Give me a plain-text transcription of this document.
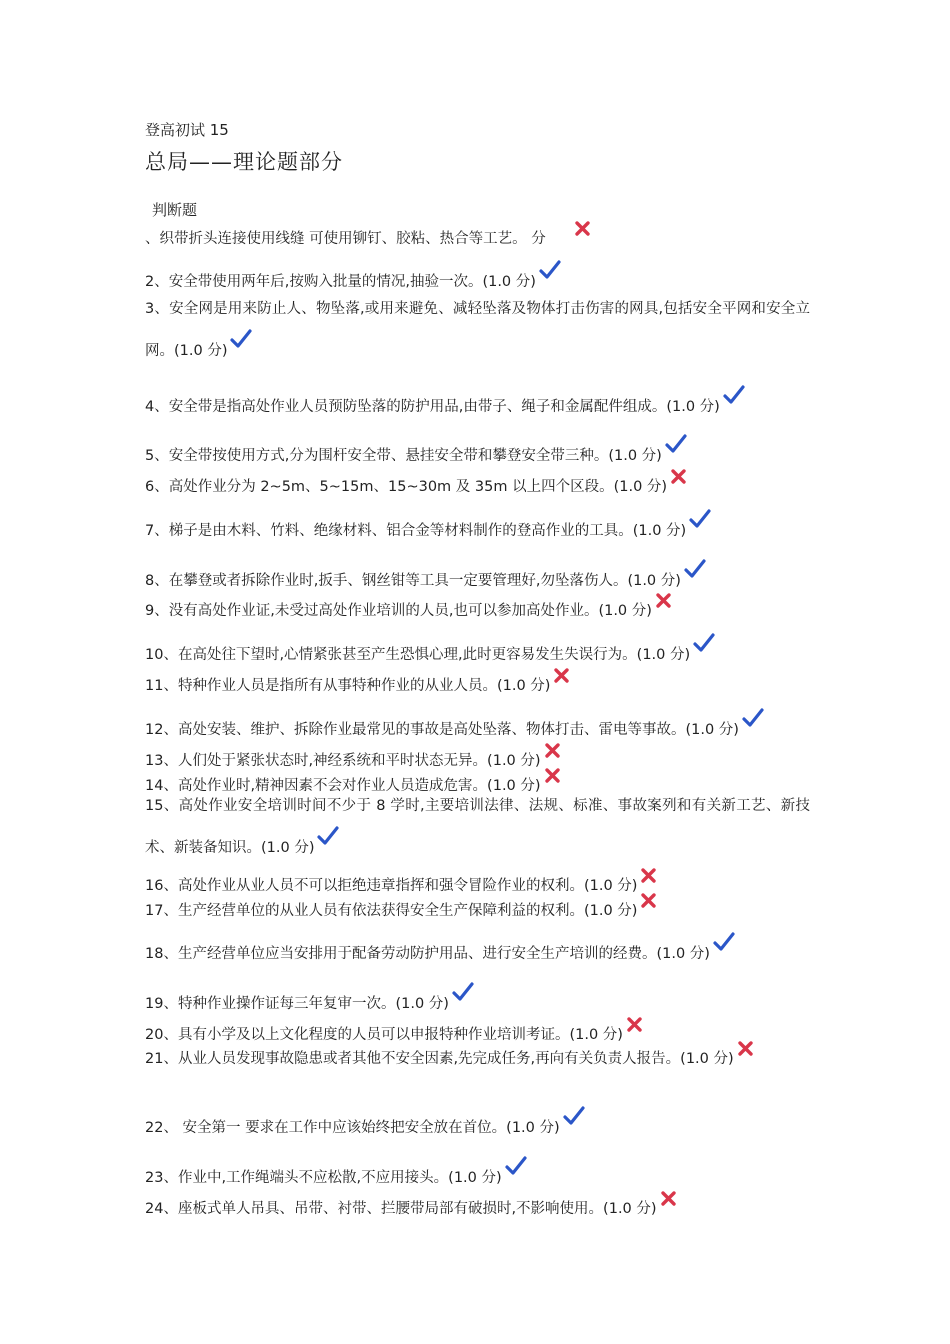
登高初试 15
总局——理论题部分
判断题
、织带折头连接使用线缝 可使用铆钉、胶粘、热合等工艺。 分
2、安全带使用两年后,按购入批量的情况,抽验一次。(1.0 分)
3、安全网是用来防止人、物坠落,或用来避免、减轻坠落及物体打击伤害的网具,包括安全平网和安全立网。(1.0 分)
4、安全带是指高处作业人员预防坠落的防护用品,由带子、绳子和金属配件组成。(1.0 分)
5、安全带按使用方式,分为围杆安全带、悬挂安全带和攀登安全带三种。(1.0 分)
6、高处作业分为 2~5m、5~15m、15~30m 及 35m 以上四个区段。(1.0 分)
7、梯子是由木料、竹料、绝缘材料、铝合金等材料制作的登高作业的工具。(1.0 分)
8、在攀登或者拆除作业时,扳手、钢丝钳等工具一定要管理好,勿坠落伤人。(1.0 分)
9、没有高处作业证,未受过高处作业培训的人员,也可以参加高处作业。(1.0 分)
10、在高处往下望时,心情紧张甚至产生恐惧心理,此时更容易发生失误行为。(1.0 分)
11、特种作业人员是指所有从事特种作业的从业人员。(1.0 分)
12、高处安装、维护、拆除作业最常见的事故是高处坠落、物体打击、雷电等事故。(1.0 分)
13、人们处于紧张状态时,神经系统和平时状态无异。(1.0 分)
14、高处作业时,精神因素不会对作业人员造成危害。(1.0 分)
15、高处作业安全培训时间不少于 8 学时,主要培训法律、法规、标准、事故案列和有关新工艺、新技术、新装备知识。(1.0 分)
16、高处作业从业人员不可以拒绝违章指挥和强令冒险作业的权利。(1.0 分)
17、生产经营单位的从业人员有依法获得安全生产保障利益的权利。(1.0 分)
18、生产经营单位应当安排用于配备劳动防护用品、进行安全生产培训的经费。(1.0 分)
19、特种作业操作证每三年复审一次。(1.0 分)
20、具有小学及以上文化程度的人员可以申报特种作业培训考证。(1.0 分)
21、从业人员发现事故隐患或者其他不安全因素,先完成任务,再向有关负责人报告。(1.0 分)
22、 安全第一 要求在工作中应该始终把安全放在首位。(1.0 分)
23、作业中,工作绳端头不应松散,不应用接头。(1.0 分)
24、座板式单人吊具、吊带、衬带、拦腰带局部有破损时,不影响使用。(1.0 分)
